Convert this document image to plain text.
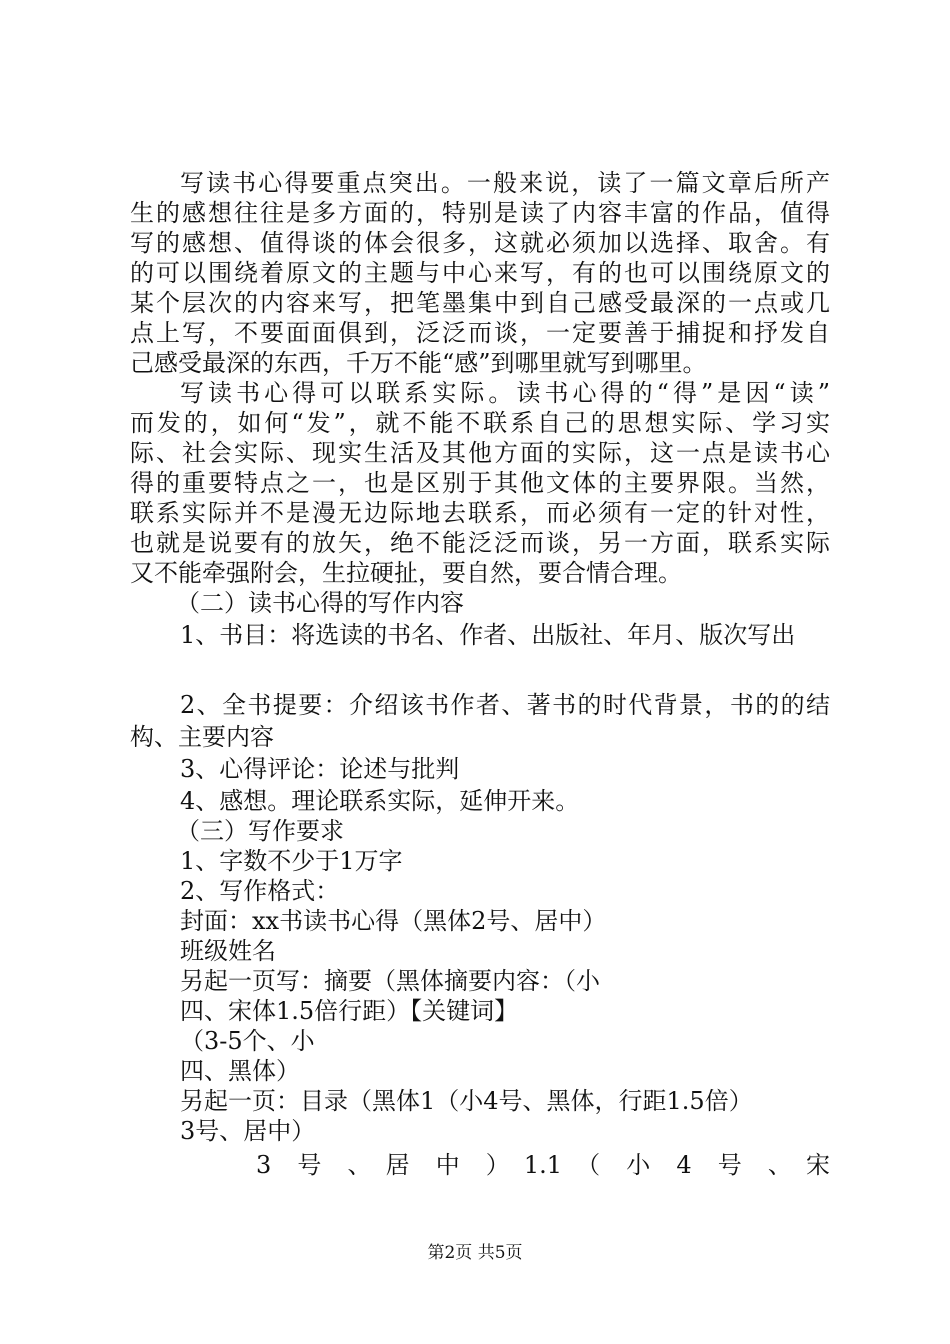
写读书心得要重点突出。一般来说，读了一篇文章后所产
生的感想往往是多方面的，特别是读了内容丰富的作品，值得
写的感想、值得谈的体会很多，这就必须加以选择、取舍。有
的可以围绕着原文的主题与中心来写，有的也可以围绕原文的
某个层次的内容来写，把笔墨集中到自己感受最深的一点或几
点上写，不要面面俱到，泛泛而谈，一定要善于捕捉和抒发自
己感受最深的东西，千万不能“感”到哪里就写到哪里。
写读书心得可以联系实际。读书心得的“得”是因“读”
而发的，如何“发”，就不能不联系自己的思想实际、学习实
际、社会实际、现实生活及其他方面的实际，这一点是读书心
得的重要特点之一，也是区别于其他文体的主要界限。当然，
联系实际并不是漫无边际地去联系，而必须有一定的针对性，
也就是说要有的放矢，绝不能泛泛而谈，另一方面，联系实际
又不能牵强附会，生拉硬扯，要自然，要合情合理。
（二）读书心得的写作内容
1、书目：将选读的书名、作者、出版社、年月、版次写出
2、全书提要：介绍该书作者、著书的时代背景，书的的结
构、主要内容
3、心得评论：论述与批判
4、感想。理论联系实际，延伸开来。
（三）写作要求
1、字数不少于1万字
2、写作格式：
封面：xx书读书心得（黑体2号、居中）
班级姓名
另起一页写：摘要（黑体摘要内容：（小
四、宋体1.5倍行距）【关键词】
（3-5个、小
四、黑体）
另起一页：目录（黑体1（小4号、黑体，行距1.5倍）
3号、居中）
3　号　、　居　中　）　1.1　（　小　4　号　、　宋
第2页 共5页
